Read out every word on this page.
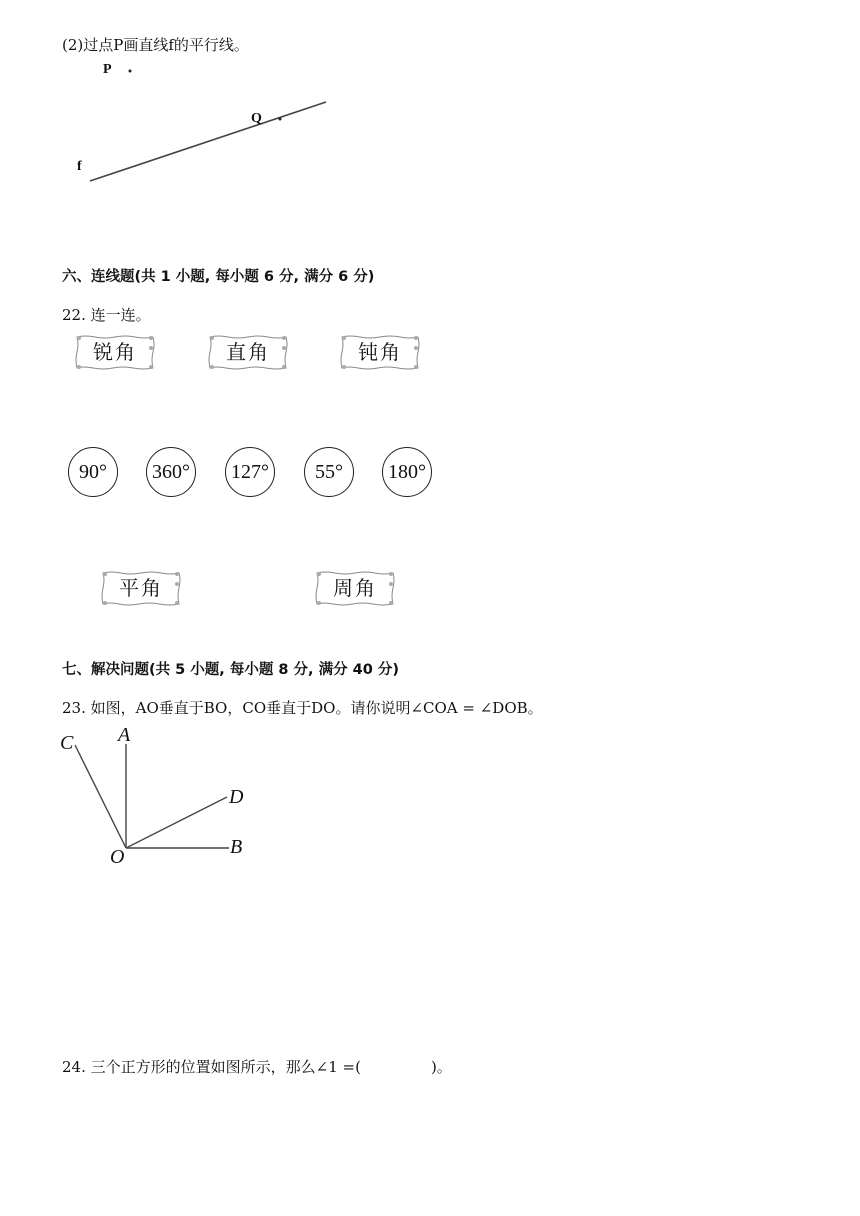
(2)过点P画直线f的平行线。
P
Q
f
六、连线题(共 1 小题, 每小题 6 分, 满分 6 分)
22. 连一连。
锐角	直角	钝角
90°	360°	127°	55°	180°
平角	周角
七、解决问题(共 5 小题, 每小题 8 分, 满分 40 分)
23. 如图，AO垂直于BO，CO垂直于DO。请你说明∠COA = ∠DOB。
C A
D
B
O
24. 三个正方形的位置如图所示，那么∠1 =(	)。
